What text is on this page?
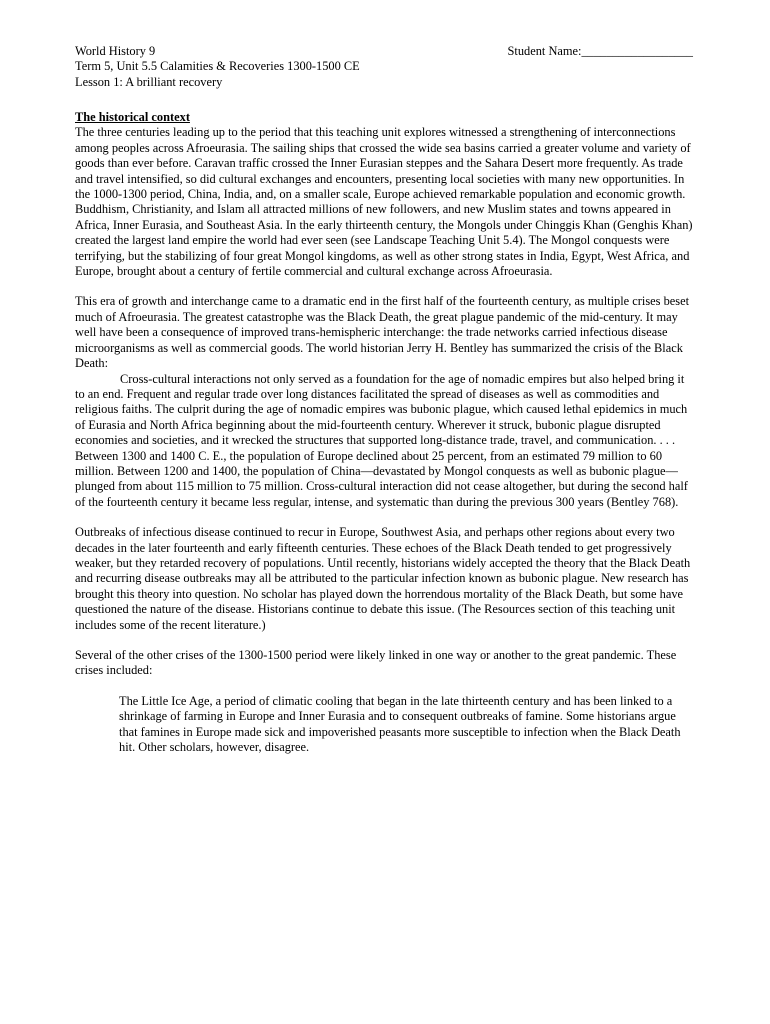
World History 9	Student Name:__________________
Term 5, Unit 5.5 Calamities & Recoveries 1300-1500 CE
Lesson 1: A brilliant recovery

The historical context

The three centuries leading up to the period that this teaching unit explores witnessed a strengthening of interconnections among peoples across Afroeurasia. The sailing ships that crossed the wide sea basins carried a greater volume and variety of goods than ever before. Caravan traffic crossed the Inner Eurasian steppes and the Sahara Desert more frequently. As trade and travel intensified, so did cultural exchanges and encounters, presenting local societies with many new opportunities. In the 1000-1300 period, China, India, and, on a smaller scale, Europe achieved remarkable population and economic growth. Buddhism, Christianity, and Islam all attracted millions of new followers, and new Muslim states and towns appeared in Africa, Inner Eurasia, and Southeast Asia. In the early thirteenth century, the Mongols under Chinggis Khan (Genghis Khan) created the largest land empire the world had ever seen (see Landscape Teaching Unit 5.4). The Mongol conquests were terrifying, but the stabilizing of four great Mongol kingdoms, as well as other strong states in India, Egypt, West Africa, and Europe, brought about a century of fertile commercial and cultural exchange across Afroeurasia.

This era of growth and interchange came to a dramatic end in the first half of the fourteenth century, as multiple crises beset much of Afroeurasia. The greatest catastrophe was the Black Death, the great plague pandemic of the mid-century. It may well have been a consequence of improved trans-hemispheric interchange: the trade networks carried infectious disease microorganisms as well as commercial goods. The world historian Jerry H. Bentley has summarized the crisis of the Black Death:

Cross-cultural interactions not only served as a foundation for the age of nomadic empires but also helped bring it to an end. Frequent and regular trade over long distances facilitated the spread of diseases as well as commodities and religious faiths. The culprit during the age of nomadic empires was bubonic plague, which caused lethal epidemics in much of Eurasia and North Africa beginning about the mid-fourteenth century. Wherever it struck, bubonic plague disrupted economies and societies, and it wrecked the structures that supported long-distance trade, travel, and communication. . . . Between 1300 and 1400 C. E., the population of Europe declined about 25 percent, from an estimated 79 million to 60 million. Between 1200 and 1400, the population of China—devastated by Mongol conquests as well as bubonic plague—plunged from about 115 million to 75 million. Cross-cultural interaction did not cease altogether, but during the second half of the fourteenth century it became less regular, intense, and systematic than during the previous 300 years (Bentley 768).

Outbreaks of infectious disease continued to recur in Europe, Southwest Asia, and perhaps other regions about every two decades in the later fourteenth and early fifteenth centuries. These echoes of the Black Death tended to get progressively weaker, but they retarded recovery of populations. Until recently, historians widely accepted the theory that the Black Death and recurring disease outbreaks may all be attributed to the particular infection known as bubonic plague. New research has brought this theory into question. No scholar has played down the horrendous mortality of the Black Death, but some have questioned the nature of the disease. Historians continue to debate this issue. (The Resources section of this teaching unit includes some of the recent literature.)

Several of the other crises of the 1300-1500 period were likely linked in one way or another to the great pandemic. These crises included:

The Little Ice Age, a period of climatic cooling that began in the late thirteenth century and has been linked to a shrinkage of farming in Europe and Inner Eurasia and to consequent outbreaks of famine. Some historians argue that famines in Europe made sick and impoverished peasants more susceptible to infection when the Black Death hit. Other scholars, however, disagree.
